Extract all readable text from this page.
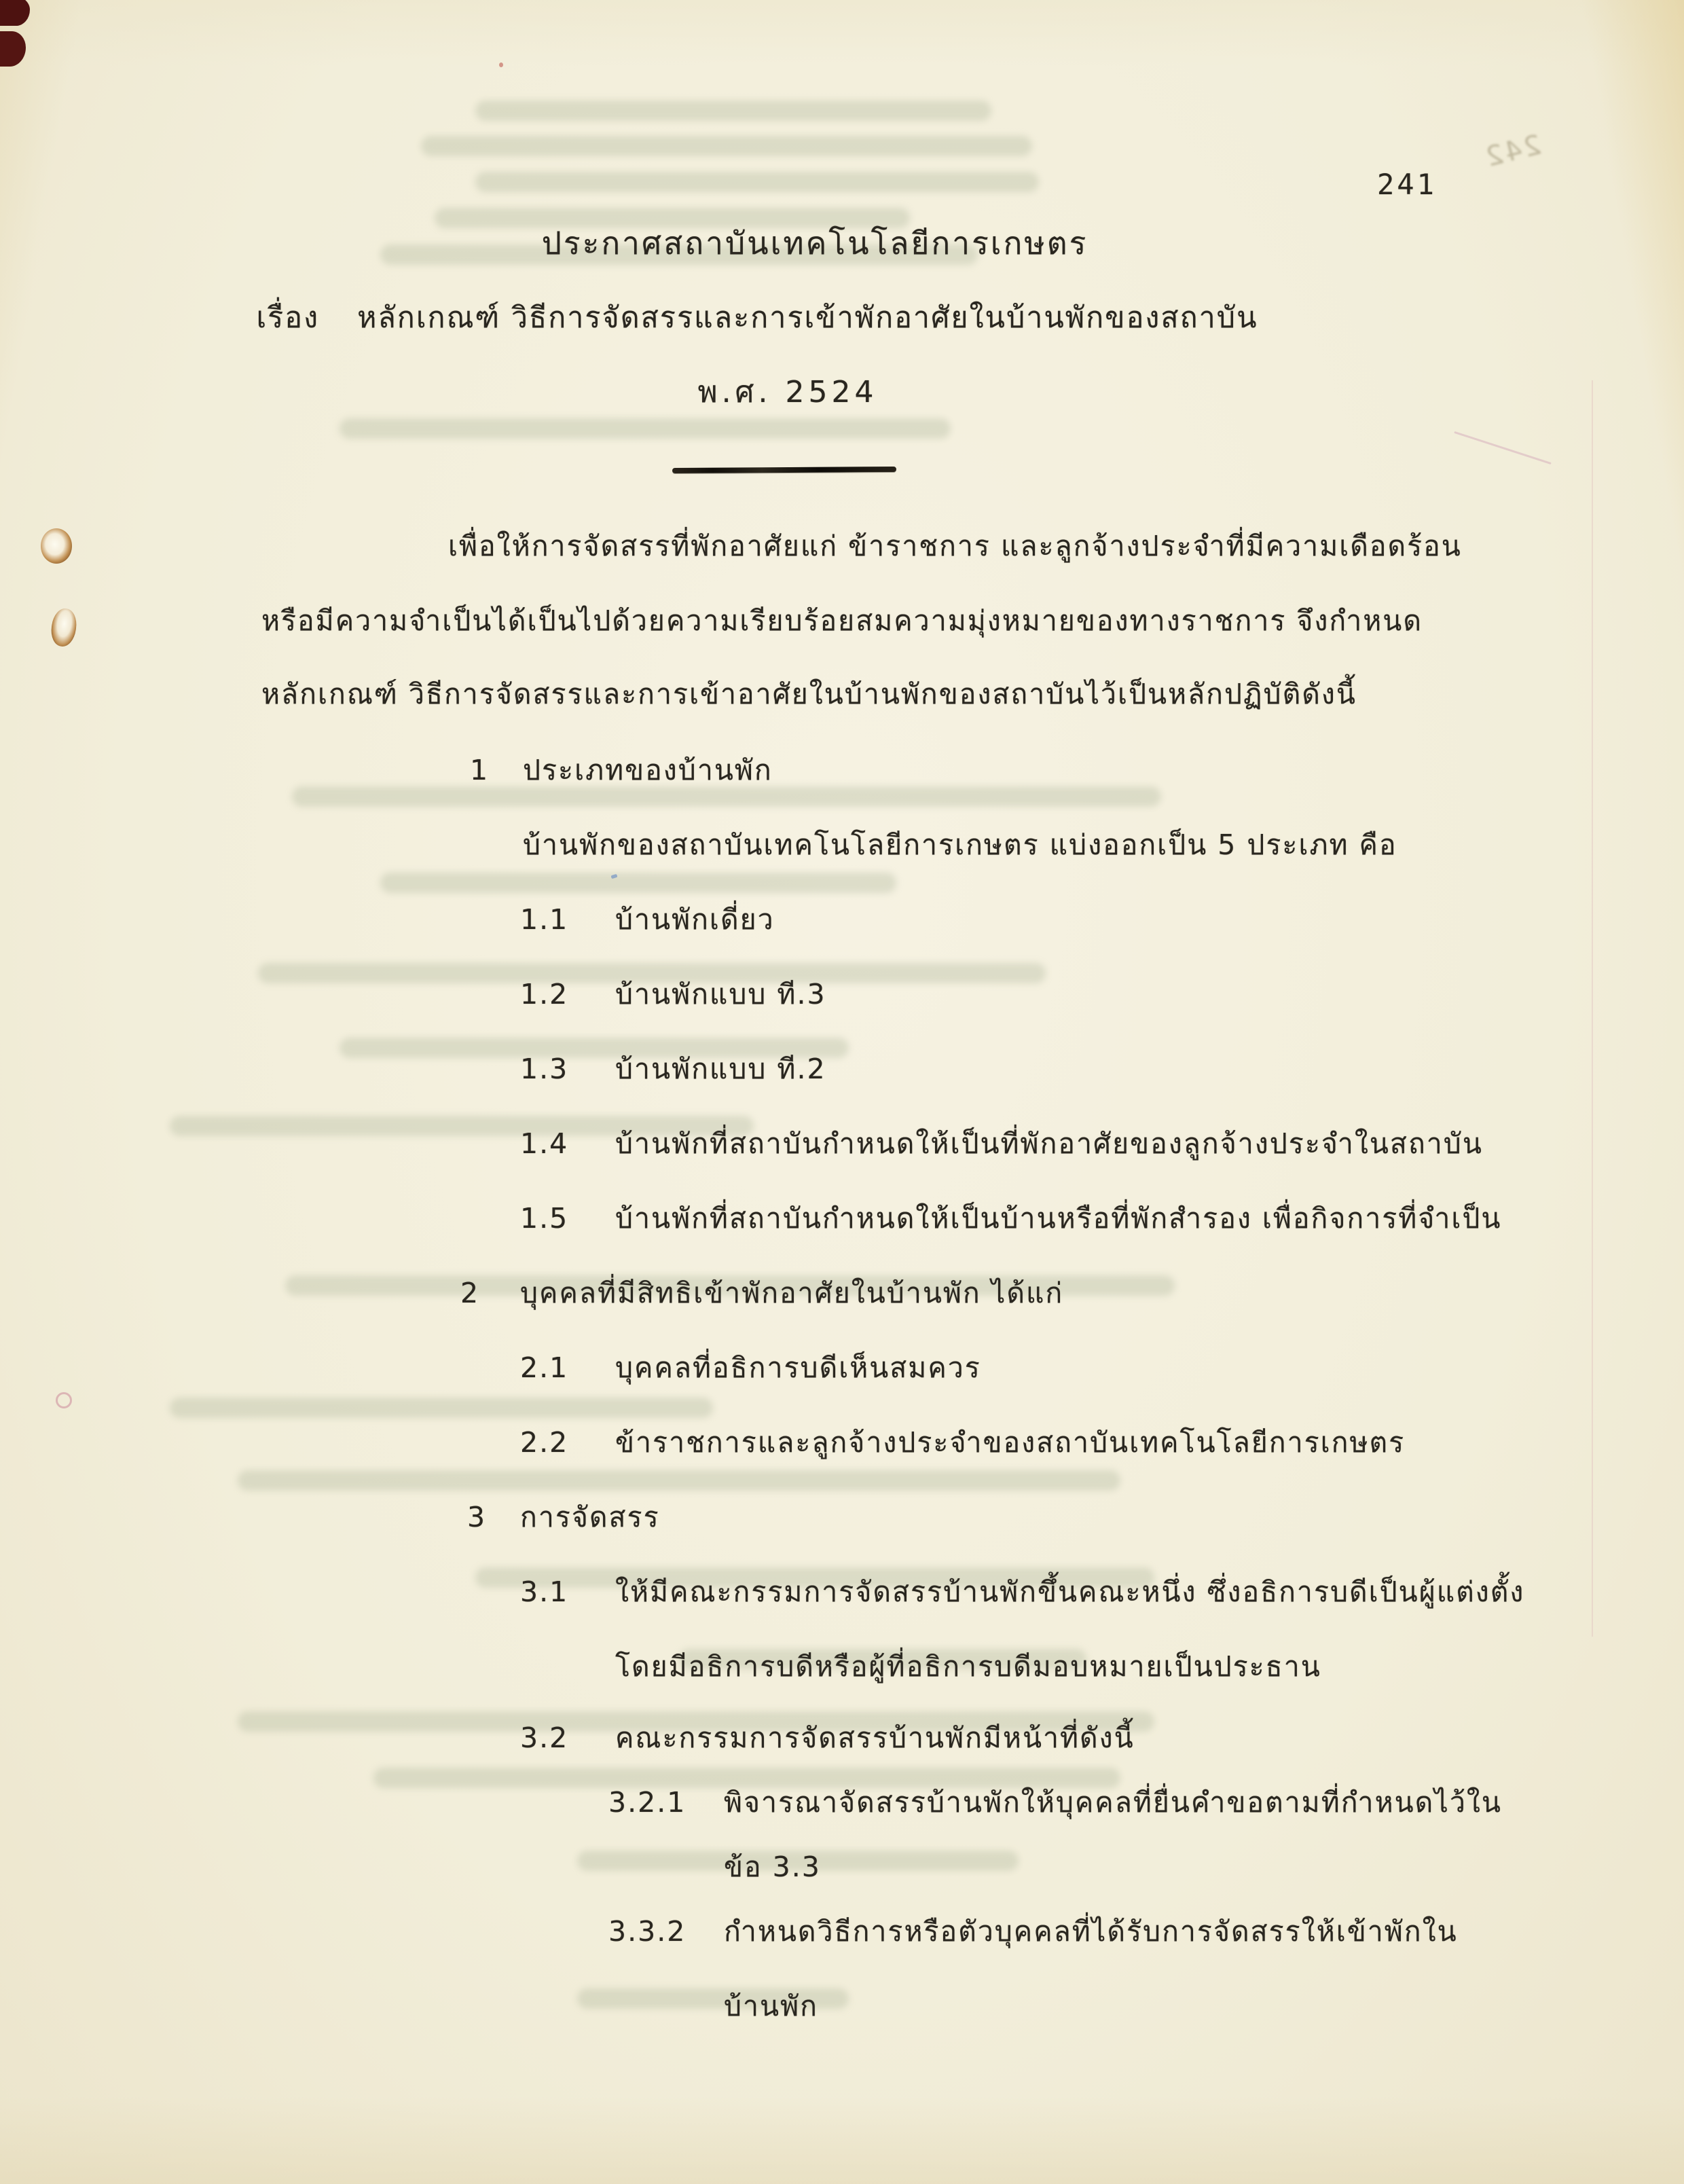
242
241
ประกาศสถาบันเทคโนโลยีการเกษตร
เรื่อง หลักเกณฑ์ วิธีการจัดสรรและการเข้าพักอาศัยในบ้านพักของสถาบัน
พ.ศ. 2524
เพื่อให้การจัดสรรที่พักอาศัยแก่ ข้าราชการ และลูกจ้างประจำที่มีความเดือดร้อน
หรือมีความจำเป็นได้เป็นไปด้วยความเรียบร้อยสมความมุ่งหมายของทางราชการ จึงกำหนด
หลักเกณฑ์ วิธีการจัดสรรและการเข้าอาศัยในบ้านพักของสถาบันไว้เป็นหลักปฏิบัติดังนี้
1 ประเภทของบ้านพัก
บ้านพักของสถาบันเทคโนโลยีการเกษตร แบ่งออกเป็น 5 ประเภท คือ
1.1 บ้านพักเดี่ยว
1.2 บ้านพักแบบ ที.3
1.3 บ้านพักแบบ ที.2
1.4 บ้านพักที่สถาบันกำหนดให้เป็นที่พักอาศัยของลูกจ้างประจำในสถาบัน
1.5 บ้านพักที่สถาบันกำหนดให้เป็นบ้านหรือที่พักสำรอง เพื่อกิจการที่จำเป็น
2 บุคคลที่มีสิทธิเข้าพักอาศัยในบ้านพัก ได้แก่
2.1 บุคคลที่อธิการบดีเห็นสมควร
2.2 ข้าราชการและลูกจ้างประจำของสถาบันเทคโนโลยีการเกษตร
3 การจัดสรร
3.1 ให้มีคณะกรรมการจัดสรรบ้านพักขึ้นคณะหนึ่ง ซึ่งอธิการบดีเป็นผู้แต่งตั้ง
โดยมีอธิการบดีหรือผู้ที่อธิการบดีมอบหมายเป็นประธาน
3.2 คณะกรรมการจัดสรรบ้านพักมีหน้าที่ดังนี้
3.2.1 พิจารณาจัดสรรบ้านพักให้บุคคลที่ยื่นคำขอตามที่กำหนดไว้ใน
ข้อ 3.3
3.3.2 กำหนดวิธีการหรือตัวบุคคลที่ได้รับการจัดสรรให้เข้าพักใน
บ้านพัก
